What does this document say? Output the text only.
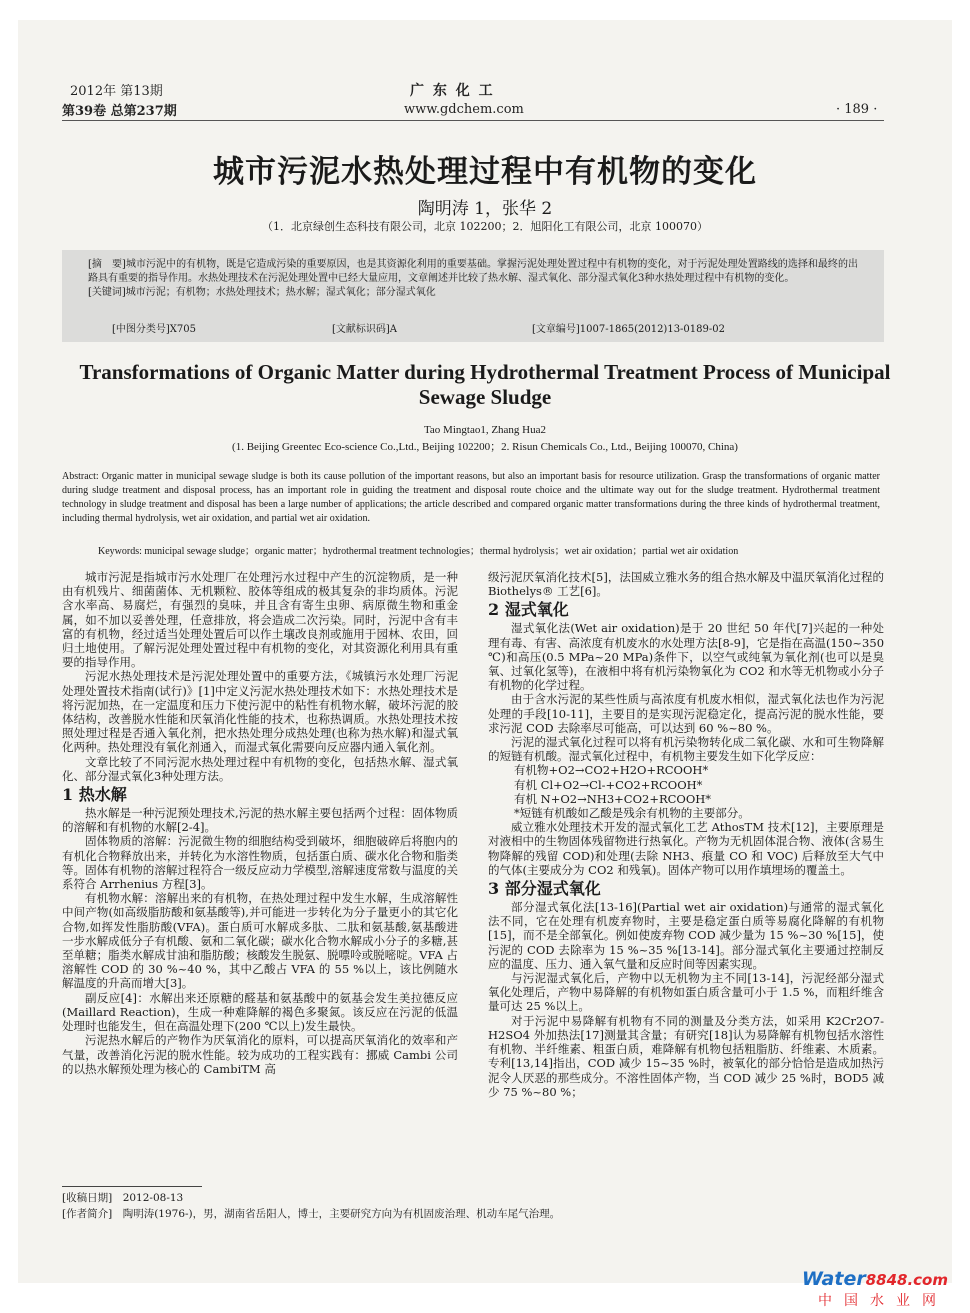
2012年 第13期
第39卷 总第237期
广 东 化 工
www.gdchem.com	· 189 ·
城市污泥水热处理过程中有机物的变化
陶明涛 1，张华 2
（1．北京绿创生态科技有限公司，北京 102200；2．旭阳化工有限公司，北京 100070）
[摘　要]城市污泥中的有机物，既是它造成污染的重要原因，也是其资源化利用的重要基础。掌握污泥处理处置过程中有机物的变化，对于污泥处理处置路线的选择和最终的出路具有重要的指导作用。水热处理技术在污泥处理处置中已经大量应用，文章阐述并比较了热水解、湿式氧化、部分湿式氧化3种水热处理过程中有机物的变化。
[关键词]城市污泥；有机物；水热处理技术；热水解；湿式氧化；部分湿式氧化
[中图分类号]X705	[文献标识码]A	[文章编号]1007-1865(2012)13-0189-02
Transformations of Organic Matter during Hydrothermal Treatment Process of Municipal Sewage Sludge
Tao Mingtao1, Zhang Hua2
(1. Beijing Greentec Eco-science Co.,Ltd., Beijing 102200；2. Risun Chemicals Co., Ltd., Beijing 100070, China)
Abstract: Organic matter in municipal sewage sludge is both its cause pollution of the important reasons, but also an important basis for resource utilization. Grasp the transformations of organic matter during sludge treatment and disposal process, has an important role in guiding the treatment and disposal route choice and the ultimate way out for the sludge treatment. Hydrothermal treatment technology in sludge treatment and disposal has been a large number of applications; the article described and compared organic matter transformations during the three kinds of hydrothermal treatment, including thermal hydrolysis, wet air oxidation, and partial wet air oxidation.
Keywords: municipal sewage sludge；organic matter；hydrothermal treatment technologies；thermal hydrolysis；wet air oxidation；partial wet air oxidation

城市污泥是指城市污水处理厂在处理污水过程中产生的沉淀物质，是一种由有机残片、细菌菌体、无机颗粒、胶体等组成的极其复杂的非均质体。污泥含水率高、易腐烂，有强烈的臭味，并且含有寄生虫卵、病原微生物和重金属，如不加以妥善处理，任意排放，将会造成二次污染。同时，污泥中含有丰富的有机物，经过适当处理处置后可以作土壤改良剂或施用于园林、农田，回归土地使用。了解污泥处理处置过程中有机物的变化，对其资源化利用具有重要的指导作用。

污泥水热处理技术是污泥处理处置中的重要方法，《城镇污水处理厂污泥处理处置技术指南(试行)》[1]中定义污泥水热处理技术如下：水热处理技术是将污泥加热，在一定温度和压力下使污泥中的粘性有机物水解，破坏污泥的胶体结构，改善脱水性能和厌氧消化性能的技术，也称热调质。水热处理技术按照处理过程是否通入氧化剂，把水热处理分成热处理(也称为热水解)和湿式氧化两种。热处理没有氧化剂通入，而湿式氧化需要向反应器内通入氧化剂。

文章比较了不同污泥水热处理过程中有机物的变化，包括热水解、湿式氧化、部分湿式氧化3种处理方法。

1 热水解

热水解是一种污泥预处理技术,污泥的热水解主要包括两个过程：固体物质的溶解和有机物的水解[2-4]。

固体物质的溶解：污泥微生物的细胞结构受到破坏，细胞破碎后将胞内的有机化合物释放出来，并转化为水溶性物质，包括蛋白质、碳水化合物和脂类等。固体有机物的溶解过程符合一级反应动力学模型,溶解速度常数与温度的关系符合 Arrhenius 方程[3]。

有机物水解：溶解出来的有机物，在热处理过程中发生水解，生成溶解性中间产物(如高级脂肪酸和氨基酸等),并可能进一步转化为分子量更小的其它化合物,如挥发性脂肪酸(VFA)。蛋白质可水解成多肽、二肽和氨基酸,氨基酸进一步水解成低分子有机酸、氨和二氧化碳；碳水化合物水解成小分子的多糖,甚至单糖；脂类水解成甘油和脂肪酸；核酸发生脱氨、脱嘌呤或脱嘧啶。VFA 占溶解性 COD 的 30 %~40 %，其中乙酸占 VFA 的 55 %以上，该比例随水解温度的升高而增大[3]。

副反应[4]：水解出来还原糖的醛基和氨基酸中的氨基会发生美拉德反应(Maillard Reaction)，生成一种难降解的褐色多聚氮。该反应在污泥的低温处理时也能发生，但在高温处理下(200 ℃以上)发生最快。

污泥热水解后的产物作为厌氧消化的原料，可以提高厌氧消化的效率和产气量，改善消化污泥的脱水性能。较为成功的工程实践有：挪威 Cambi 公司的以热水解预处理为核心的 CambiTM 高

级污泥厌氧消化技术[5]，法国威立雅水务的组合热水解及中温厌氧消化过程的 Biothelys® 工艺[6]。

2 湿式氧化

湿式氧化法(Wet air oxidation)是于 20 世纪 50 年代[7]兴起的一种处理有毒、有害、高浓度有机废水的水处理方法[8-9]，它是指在高温(150~350 ℃)和高压(0.5 MPa~20 MPa)条件下，以空气或纯氧为氧化剂(也可以是臭氧、过氧化氢等)，在液相中将有机污染物氧化为 CO2 和水等无机物或小分子有机物的化学过程。

由于含水污泥的某些性质与高浓度有机废水相似，湿式氧化法也作为污泥处理的手段[10-11]，主要目的是实现污泥稳定化，提高污泥的脱水性能，要求污泥 COD 去除率尽可能高，可以达到 60 %~80 %。

污泥的湿式氧化过程可以将有机污染物转化成二氧化碳、水和可生物降解的短链有机酸。湿式氧化过程中，有机物主要发生如下化学反应：

有机物+O2→CO2+H2O+RCOOH*

有机 Cl+O2→Cl-+CO2+RCOOH*

有机 N+O2→NH3+CO2+RCOOH*

*短链有机酸如乙酸是残余有机物的主要部分。

威立雅水处理技术开发的湿式氧化工艺 AthosTM 技术[12]，主要原理是对液相中的生物固体残留物进行热氧化。产物为无机固体混合物、液体(含易生物降解的残留 COD)和处理(去除 NH3、痕量 CO 和 VOC) 后释放至大气中的气体(主要成分为 CO2 和残氧)。固体产物可以用作填埋场的覆盖土。

3 部分湿式氧化

部分湿式氧化法[13-16](Partial wet air oxidation)与通常的湿式氧化法不同，它在处理有机废弃物时，主要是稳定蛋白质等易腐化降解的有机物[15]，而不是全部氧化。例如使废弃物 COD 减少量为 15 %~30 %[15]，使污泥的 COD 去除率为 15 %~35 %[13-14]。部分湿式氧化主要通过控制反应的温度、压力、通入氧气量和反应时间等因素实现。

与污泥湿式氧化后，产物中以无机物为主不同[13-14]，污泥经部分湿式氧化处理后，产物中易降解的有机物如蛋白质含量可小于 1.5 %，而粗纤维含量可达 25 %以上。

对于污泥中易降解有机物有不同的测量及分类方法，如采用 K2Cr2O7-H2SO4 外加热法[17]测量其含量；有研究[18]认为易降解有机物包括水溶性有机物、半纤维素、粗蛋白质，难降解有机物包括粗脂肪、纤维素、木质素。专利[13,14]指出，COD 减少 15~35 %时，被氧化的部分恰恰是造成加热污泥令人厌恶的那些成分。不溶性固体产物，当 COD 减少 25 %时，BOD5 减少 75 %~80 %；

[收稿日期]　2012-08-13
[作者简介]　陶明涛(1976-)，男，湖南省岳阳人，博士，主要研究方向为有机固废治理、机动车尾气治理。
Water8848.com
中国水业网
